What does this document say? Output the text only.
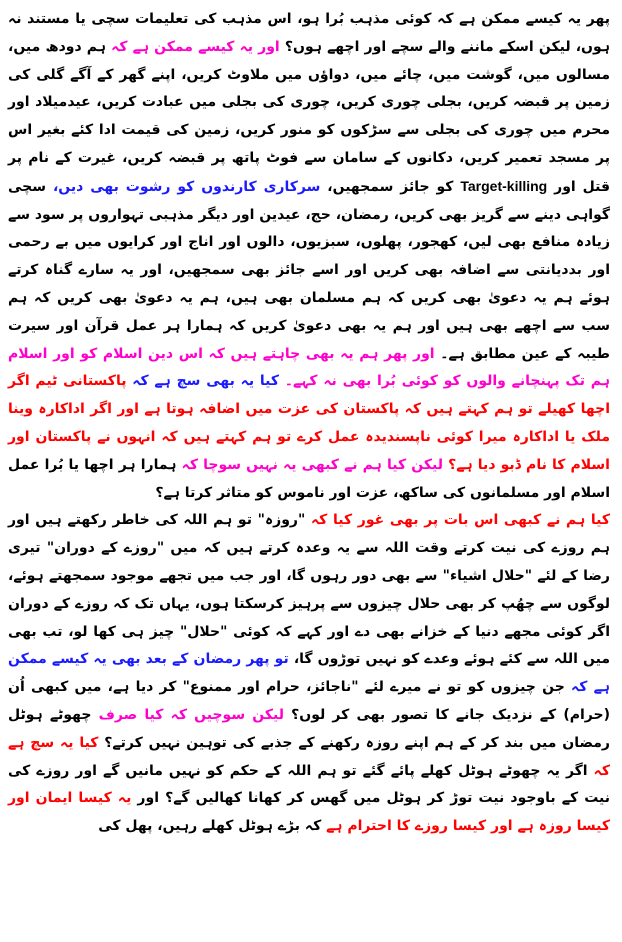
پھر یہ کیسے ممکن ہے کہ کوئی مذہب بُرا ہو، اس مذہب کی تعلیمات سچی یا مستند نہ ہوں، لیکن اسکے ماننے والے سچے اور اچھے ہوں؟ اور یہ کیسے ممکن ہے کہ ہم دودھ میں، مسالوں میں، گوشت میں، چائے میں، دواؤں میں ملاوٹ کریں، اپنے گھر کے آگے گلی کی زمین پر قبضہ کریں، بجلی چوری کریں، چوری کی بجلی میں عبادت کریں، عیدمیلاد اور محرم میں چوری کی بجلی سے سڑکوں کو منور کریں، زمین کی قیمت ادا کئے بغیر اس پر مسجد تعمیر کریں، دکانوں کے سامان سے فوٹ پاتھ پر قبضہ کریں، غیرت کے نام پر قتل اور Target-killing کو جائز سمجھیں، سرکاری کارندوں کو رشوت بھی دیں، سچی گواہی دینے سے گریز بھی کریں، رمضان، حج، عیدین اور دیگر مذہبی تہواروں پر سود سے زیادہ منافع بھی لیں، کھجور، پھلوں، سبزیوں، دالوں اور اناج اور کرایوں میں بے رحمی اور بددیانتی سے اضافہ بھی کریں اور اسے جائز بھی سمجھیں، اور یہ سارے گناہ کرتے ہوئے ہم یہ دعویٰ بھی کریں کہ ہم مسلمان بھی ہیں، ہم یہ دعویٰ بھی کریں کہ ہم سب سے اچھے بھی ہیں اور ہم یہ بھی دعویٰ کریں کہ ہمارا ہر عمل قرآن اور سیرت طیبہ کے عین مطابق ہے۔ اور پھر ہم یہ بھی چاہتے ہیں کہ اس دین اسلام کو اور اسلام ہم تک پہنچانے والوں کو کوئی بُرا بھی نہ کہے۔ کیا یہ بھی سچ ہے کہ پاکستانی ٹیم اگر اچھا کھیلے تو ہم کہتے ہیں کہ پاکستان کی عزت میں اضافہ ہوتا ہے اور اگر اداکارہ وینا ملک یا اداکارہ میرا کوئی ناپسندیدہ عمل کرے تو ہم کہتے ہیں کہ انہوں نے پاکستان اور اسلام کا نام ڈبو دیا ہے؟ لیکن کیا ہم نے کبھی یہ نہیں سوچا کہ ہمارا ہر اچھا یا بُرا عمل اسلام اور مسلمانوں کی ساکھ، عزت اور ناموس کو متاثر کرتا ہے؟

کیا ہم نے کبھی اس بات پر بھی غور کیا کہ "روزہ" تو ہم اللہ کی خاطر رکھتے ہیں اور ہم روزے کی نیت کرتے وقت اللہ سے یہ وعدہ کرتے ہیں کہ میں "روزے کے دوران" تیری رضا کے لئے "حلال اشیاء" سے بھی دور رہوں گا، اور جب میں تجھے موجود سمجھتے ہوئے، لوگوں سے چھُپ کر بھی حلال چیزوں سے پرہیز کرسکتا ہوں، یہاں تک کہ روزے کے دوران اگر کوئی مجھے دنیا کے خزانے بھی دے اور کہے کہ کوئی "حلال" چیز ہی کھا لو، تب بھی میں اللہ سے کئے ہوئے وعدے کو نہیں توڑوں گا، تو پھر رمضان کے بعد بھی یہ کیسے ممکن ہے کہ جن چیزوں کو تو نے میرے لئے "ناجائز، حرام اور ممنوع" کر دیا ہے، میں کبھی اُن (حرام) کے نزدیک جانے کا تصور بھی کر لوں؟ لیکن سوچیں کہ کیا صرف چھوٹے ہوٹل رمضان میں بند کر کے ہم اپنے روزہ رکھنے کے جذبے کی توہین نہیں کرتے؟ کیا یہ سچ ہے کہ اگر یہ چھوٹے ہوٹل کھلے پائے گئے تو ہم اللہ کے حکم کو نہیں مانیں گے اور روزے کی نیت کے باوجود نیت توڑ کر ہوٹل میں گھس کر کھانا کھالیں گے؟ اور یہ کیسا ایمان اور کیسا روزہ ہے اور کیسا روزے کا احترام ہے کہ بڑے ہوٹل کھلے رہیں، پھل کی
